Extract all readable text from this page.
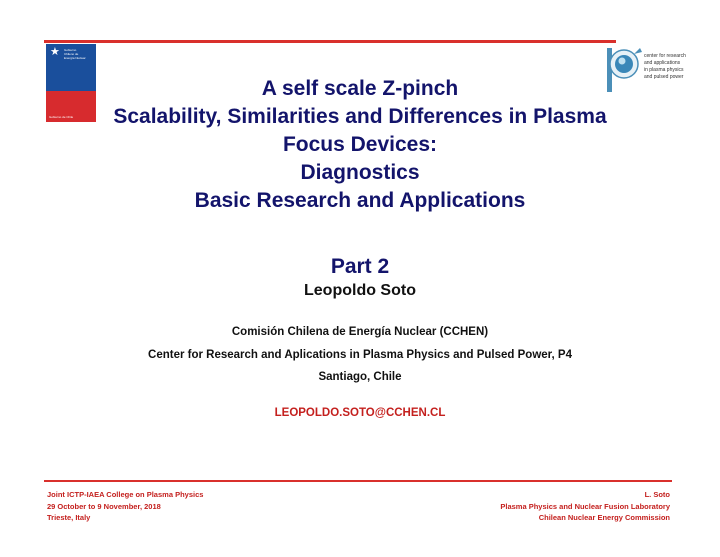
★ Gobierno
Chileno de
Energía Nuclear
Gobierno de Chile
center for research
and applications
in plasma physics
and pulsed power
A self scale Z-pinch
Scalability, Similarities and Differences in Plasma
Focus Devices:
Diagnostics
Basic Research and Applications
Part 2
Leopoldo Soto
Comisión Chilena de Energía Nuclear (CCHEN)
Center for Research and Aplications in Plasma Physics and Pulsed Power, P4
Santiago, Chile
LEOPOLDO.SOTO@CCHEN.CL
Joint ICTP-IAEA College on Plasma Physics
29 October to 9 November, 2018
Trieste, Italy
L. Soto
Plasma Physics and Nuclear Fusion Laboratory
Chilean Nuclear Energy Commission
